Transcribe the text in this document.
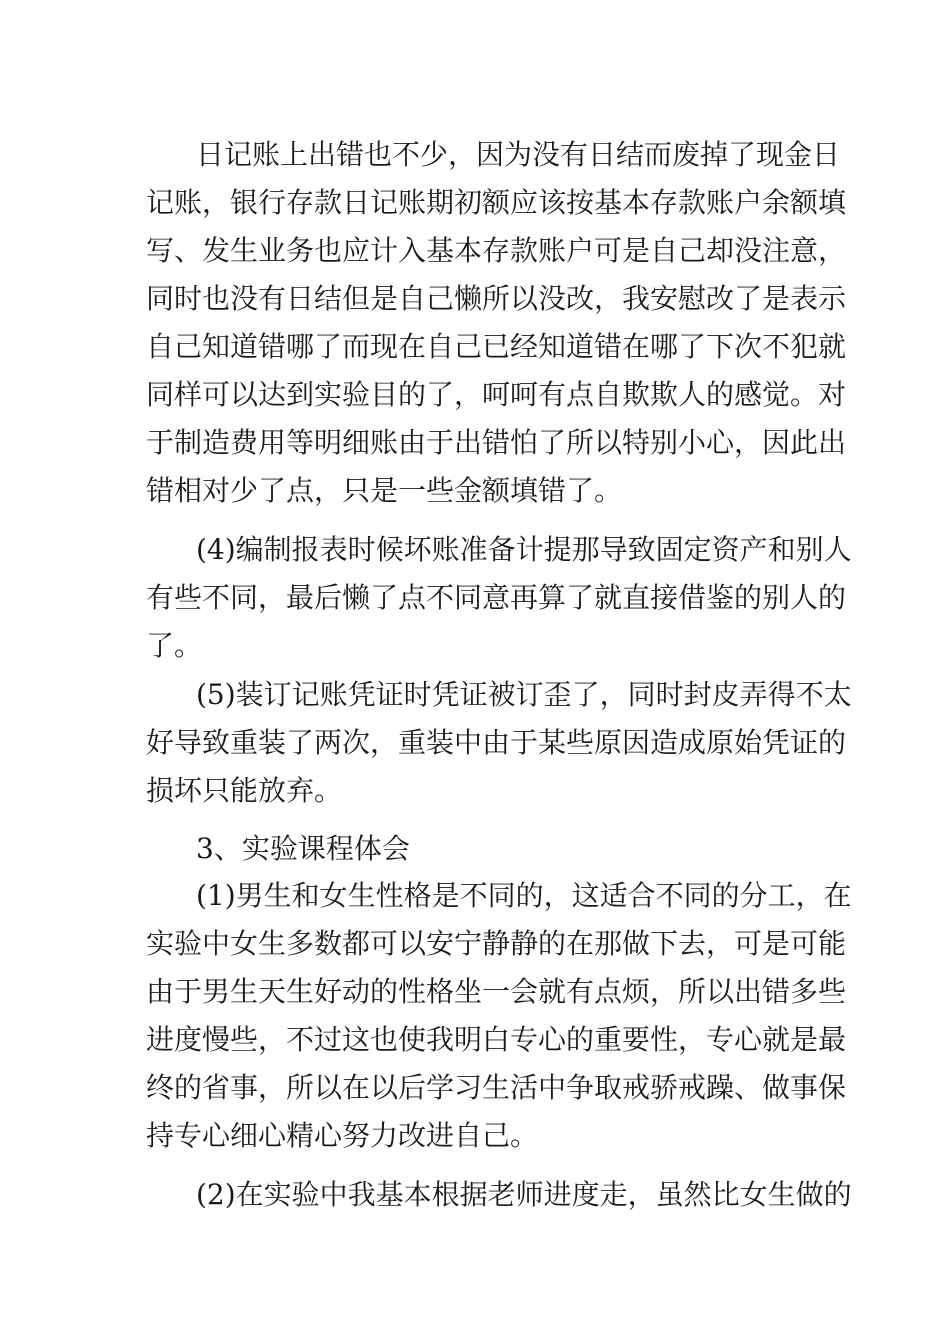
日记账上出错也不少，因为没有日结而废掉了现金日
记账，银行存款日记账期初额应该按基本存款账户余额填
写、发生业务也应计入基本存款账户可是自己却没注意，
同时也没有日结但是自己懒所以没改，我安慰改了是表示
自己知道错哪了而现在自己已经知道错在哪了下次不犯就
同样可以达到实验目的了，呵呵有点自欺欺人的感觉。对
于制造费用等明细账由于出错怕了所以特别小心，因此出
错相对少了点，只是一些金额填错了。
(4)编制报表时候坏账准备计提那导致固定资产和别人
有些不同，最后懒了点不同意再算了就直接借鉴的别人的
了。
(5)装订记账凭证时凭证被订歪了，同时封皮弄得不太
好导致重装了两次，重装中由于某些原因造成原始凭证的
损坏只能放弃。
3、实验课程体会
(1)男生和女生性格是不同的，这适合不同的分工，在
实验中女生多数都可以安宁静静的在那做下去，可是可能
由于男生天生好动的性格坐一会就有点烦，所以出错多些
进度慢些，不过这也使我明白专心的重要性，专心就是最
终的省事，所以在以后学习生活中争取戒骄戒躁、做事保
持专心细心精心努力改进自己。
(2)在实验中我基本根据老师进度走，虽然比女生做的
